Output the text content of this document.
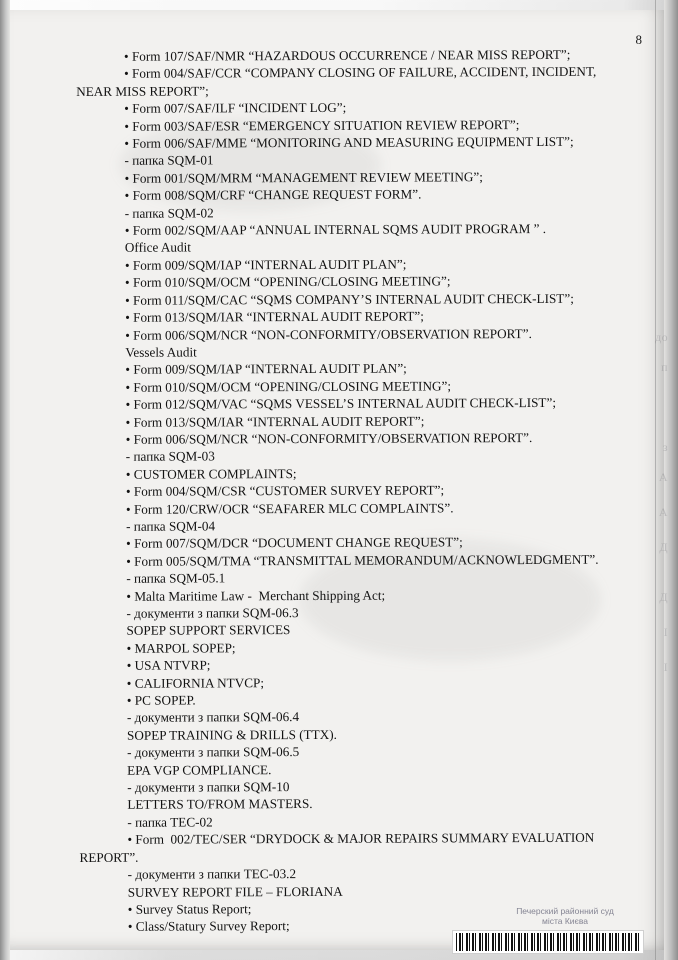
8
• Form 107/SAF/NMR “HAZARDOUS OCCURRENCE / NEAR MISS REPORT”;
• Form 004/SAF/CCR “COMPANY CLOSING OF FAILURE, ACCIDENT, INCIDENT,
NEAR MISS REPORT”;
• Form 007/SAF/ILF “INCIDENT LOG”;
• Form 003/SAF/ESR “EMERGENCY SITUATION REVIEW REPORT”;
• Form 006/SAF/MME “MONITORING AND MEASURING EQUIPMENT LIST”;
- папка SQM-01
• Form 001/SQM/MRM “MANAGEMENT REVIEW MEETING”;
• Form 008/SQM/CRF “CHANGE REQUEST FORM”.
- папка SQM-02
• Form 002/SQM/AAP “ANNUAL INTERNAL SQMS AUDIT PROGRAM ” .
Office Audit
• Form 009/SQM/IAP “INTERNAL AUDIT PLAN”;
• Form 010/SQM/OCM “OPENING/CLOSING MEETING”;
• Form 011/SQM/CAC “SQMS COMPANY’S INTERNAL AUDIT CHECK-LIST”;
• Form 013/SQM/IAR “INTERNAL AUDIT REPORT”;
• Form 006/SQM/NCR “NON-CONFORMITY/OBSERVATION REPORT”.
Vessels Audit
• Form 009/SQM/IAP “INTERNAL AUDIT PLAN”;
• Form 010/SQM/OCM “OPENING/CLOSING MEETING”;
• Form 012/SQM/VAC “SQMS VESSEL’S INTERNAL AUDIT CHECK-LIST”;
• Form 013/SQM/IAR “INTERNAL AUDIT REPORT”;
• Form 006/SQM/NCR “NON-CONFORMITY/OBSERVATION REPORT”.
- папка SQM-03
• CUSTOMER COMPLAINTS;
• Form 004/SQM/CSR “CUSTOMER SURVEY REPORT”;
• Form 120/CRW/OCR “SEAFARER MLC COMPLAINTS”.
- папка SQM-04
• Form 007/SQM/DCR “DOCUMENT CHANGE REQUEST”;
• Form 005/SQM/TMA “TRANSMITTAL MEMORANDUM/ACKNOWLEDGMENT”.
- папка SQM-05.1
• Malta Maritime Law -  Merchant Shipping Act;
- документи з папки SQM-06.3
SOPEP SUPPORT SERVICES
• MARPOL SOPEP;
• USA NTVRP;
• CALIFORNIA NTVCP;
• PC SOPEP.
- документи з папки SQM-06.4
SOPEP TRAINING & DRILLS (TTX).
- документи з папки SQM-06.5
EPA VGP COMPLIANCE.
- документи з папки SQM-10
LETTERS TO/FROM MASTERS.
- папка ТЕС-02
• Form  002/TEC/SER “DRYDOCK & MAJOR REPAIRS SUMMARY EVALUATION
REPORT”.
- документи з папки ТЕС-03.2
SURVEY REPORT FILE – FLORIANA
• Survey Status Report;
• Class/Statury Survey Report;
до
п
з
А
А
Д
Д
І
І
Печерский районний суд
міста Києва
